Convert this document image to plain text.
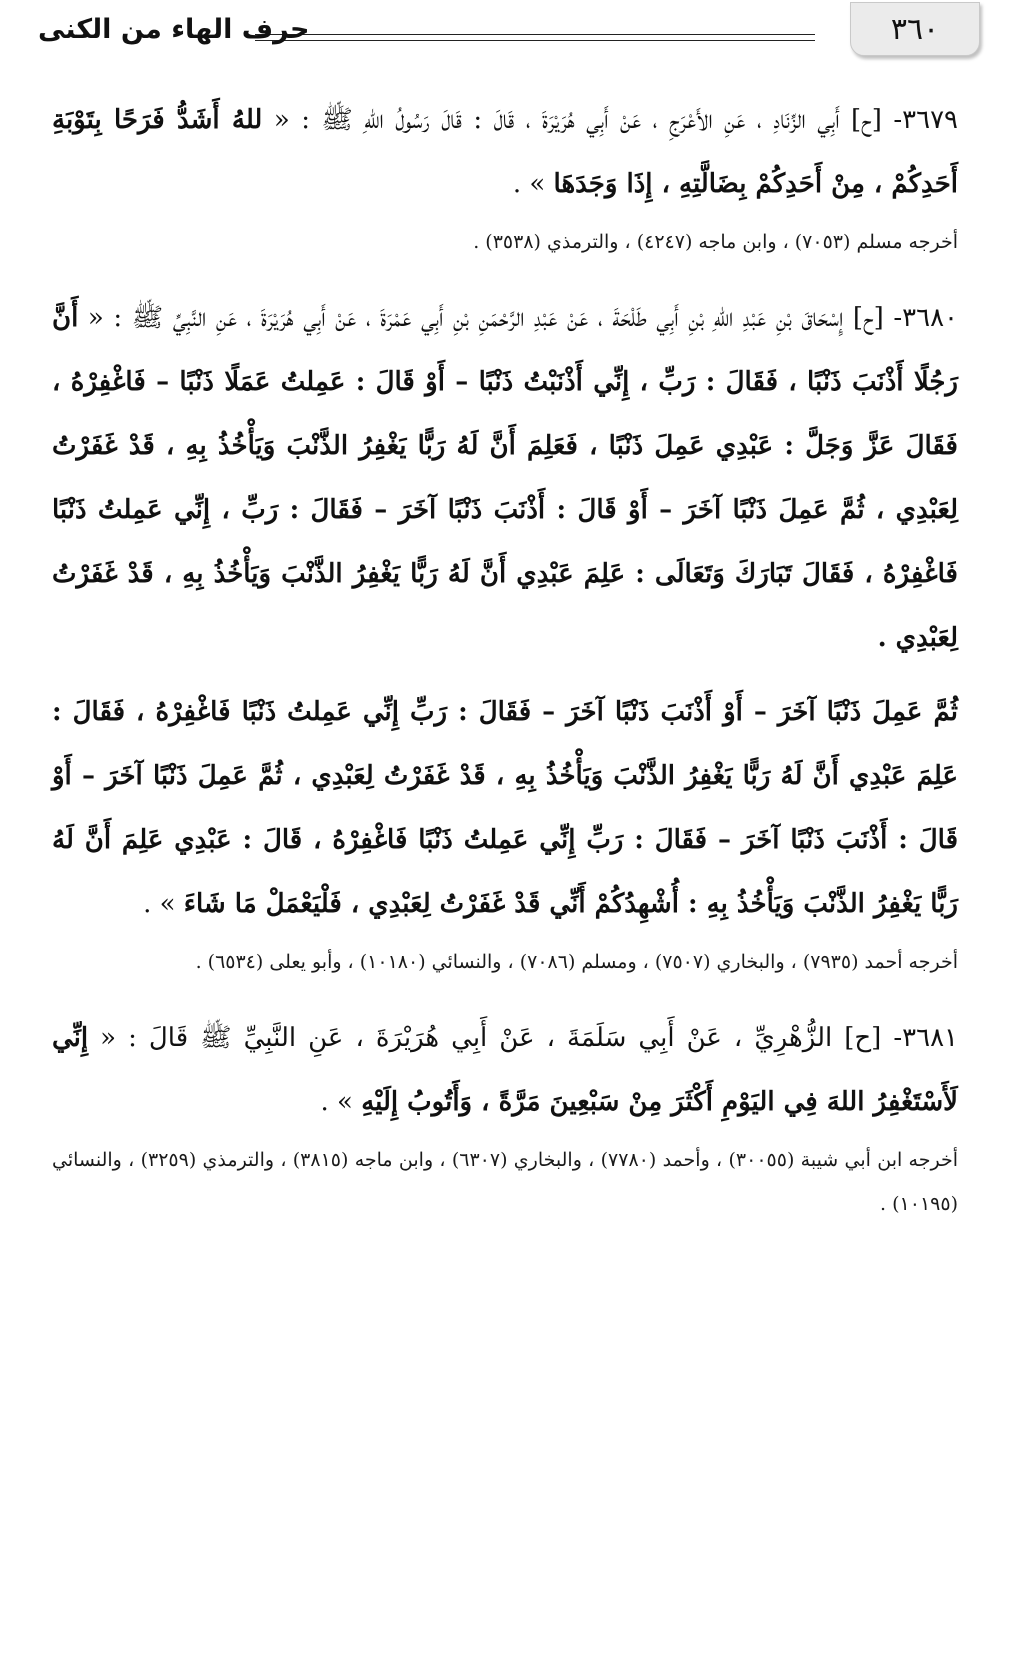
٣٦٠
حرف الهاء من الكنى

٣٦٧٩- [ح] أَبِي الزِّنَادِ ، عَنِ الأَعْرَجِ ، عَنْ أَبِي هُرَيْرَةَ ، قَالَ : قَالَ رَسُولُ اللهِ ﷺ : « للهُ أَشَدُّ فَرَحًا بِتَوْبَةِ أَحَدِكُمْ ، مِنْ أَحَدِكُمْ بِضَالَّتِهِ ، إِذَا وَجَدَهَا » .

أخرجه مسلم (٧٠٥٣) ، وابن ماجه (٤٢٤٧) ، والترمذي (٣٥٣٨) .

٣٦٨٠- [ح] إِسْحَاقَ بْنِ عَبْدِ اللهِ بْنِ أَبِي طَلْحَةَ ، عَنْ عَبْدِ الرَّحْمَنِ بْنِ أَبِي عَمْرَةَ ، عَنْ أَبِي هُرَيْرَةَ ، عَنِ النَّبِيِّ ﷺ : « أَنَّ رَجُلًا أَذْنَبَ ذَنْبًا ، فَقَالَ : رَبِّ ، إِنِّي أَذْنَبْتُ ذَنْبًا – أَوْ قَالَ : عَمِلتُ عَمَلًا ذَنْبًا – فَاغْفِرْهُ ، فَقَالَ عَزَّ وَجَلَّ : عَبْدِي عَمِلَ ذَنْبًا ، فَعَلِمَ أَنَّ لَهُ رَبًّا يَغْفِرُ الذَّنْبَ وَيَأْخُذُ بِهِ ، قَدْ غَفَرْتُ لِعَبْدِي ، ثُمَّ عَمِلَ ذَنْبًا آخَرَ – أَوْ قَالَ : أَذْنَبَ ذَنْبًا آخَرَ – فَقَالَ : رَبِّ ، إِنِّي عَمِلتُ ذَنْبًا فَاغْفِرْهُ ، فَقَالَ تَبَارَكَ وَتَعَالَى : عَلِمَ عَبْدِي أَنَّ لَهُ رَبًّا يَغْفِرُ الذَّنْبَ وَيَأْخُذُ بِهِ ، قَدْ غَفَرْتُ لِعَبْدِي .

ثُمَّ عَمِلَ ذَنْبًا آخَرَ – أَوْ أَذْنَبَ ذَنْبًا آخَرَ – فَقَالَ : رَبِّ إِنِّي عَمِلتُ ذَنْبًا فَاغْفِرْهُ ، فَقَالَ : عَلِمَ عَبْدِي أَنَّ لَهُ رَبًّا يَغْفِرُ الذَّنْبَ وَيَأْخُذُ بِهِ ، قَدْ غَفَرْتُ لِعَبْدِي ، ثُمَّ عَمِلَ ذَنْبًا آخَرَ – أَوْ قَالَ : أَذْنَبَ ذَنْبًا آخَرَ – فَقَالَ : رَبِّ إِنِّي عَمِلتُ ذَنْبًا فَاغْفِرْهُ ، قَالَ : عَبْدِي عَلِمَ أَنَّ لَهُ رَبًّا يَغْفِرُ الذَّنْبَ وَيَأْخُذُ بِهِ : أُشْهِدُكُمْ أَنِّي قَدْ غَفَرْتُ لِعَبْدِي ، فَلْيَعْمَلْ مَا شَاءَ » .

أخرجه أحمد (٧٩٣٥) ، والبخاري (٧٥٠٧) ، ومسلم (٧٠٨٦) ، والنسائي (١٠١٨٠) ، وأبو يعلى (٦٥٣٤) .

٣٦٨١- [ح] الزُّهْرِيِّ ، عَنْ أَبِي سَلَمَةَ ، عَنْ أَبِي هُرَيْرَةَ ، عَنِ النَّبِيِّ ﷺ قَالَ : « إِنِّي لَأَسْتَغْفِرُ اللهَ فِي اليَوْمِ أَكْثَرَ مِنْ سَبْعِينَ مَرَّةً ، وَأَتُوبُ إِلَيْهِ » .

أخرجه ابن أبي شيبة (٣٠٠٥٥) ، وأحمد (٧٧٨٠) ، والبخاري (٦٣٠٧) ، وابن ماجه (٣٨١٥) ، والترمذي (٣٢٥٩) ، والنسائي (١٠١٩٥) .
